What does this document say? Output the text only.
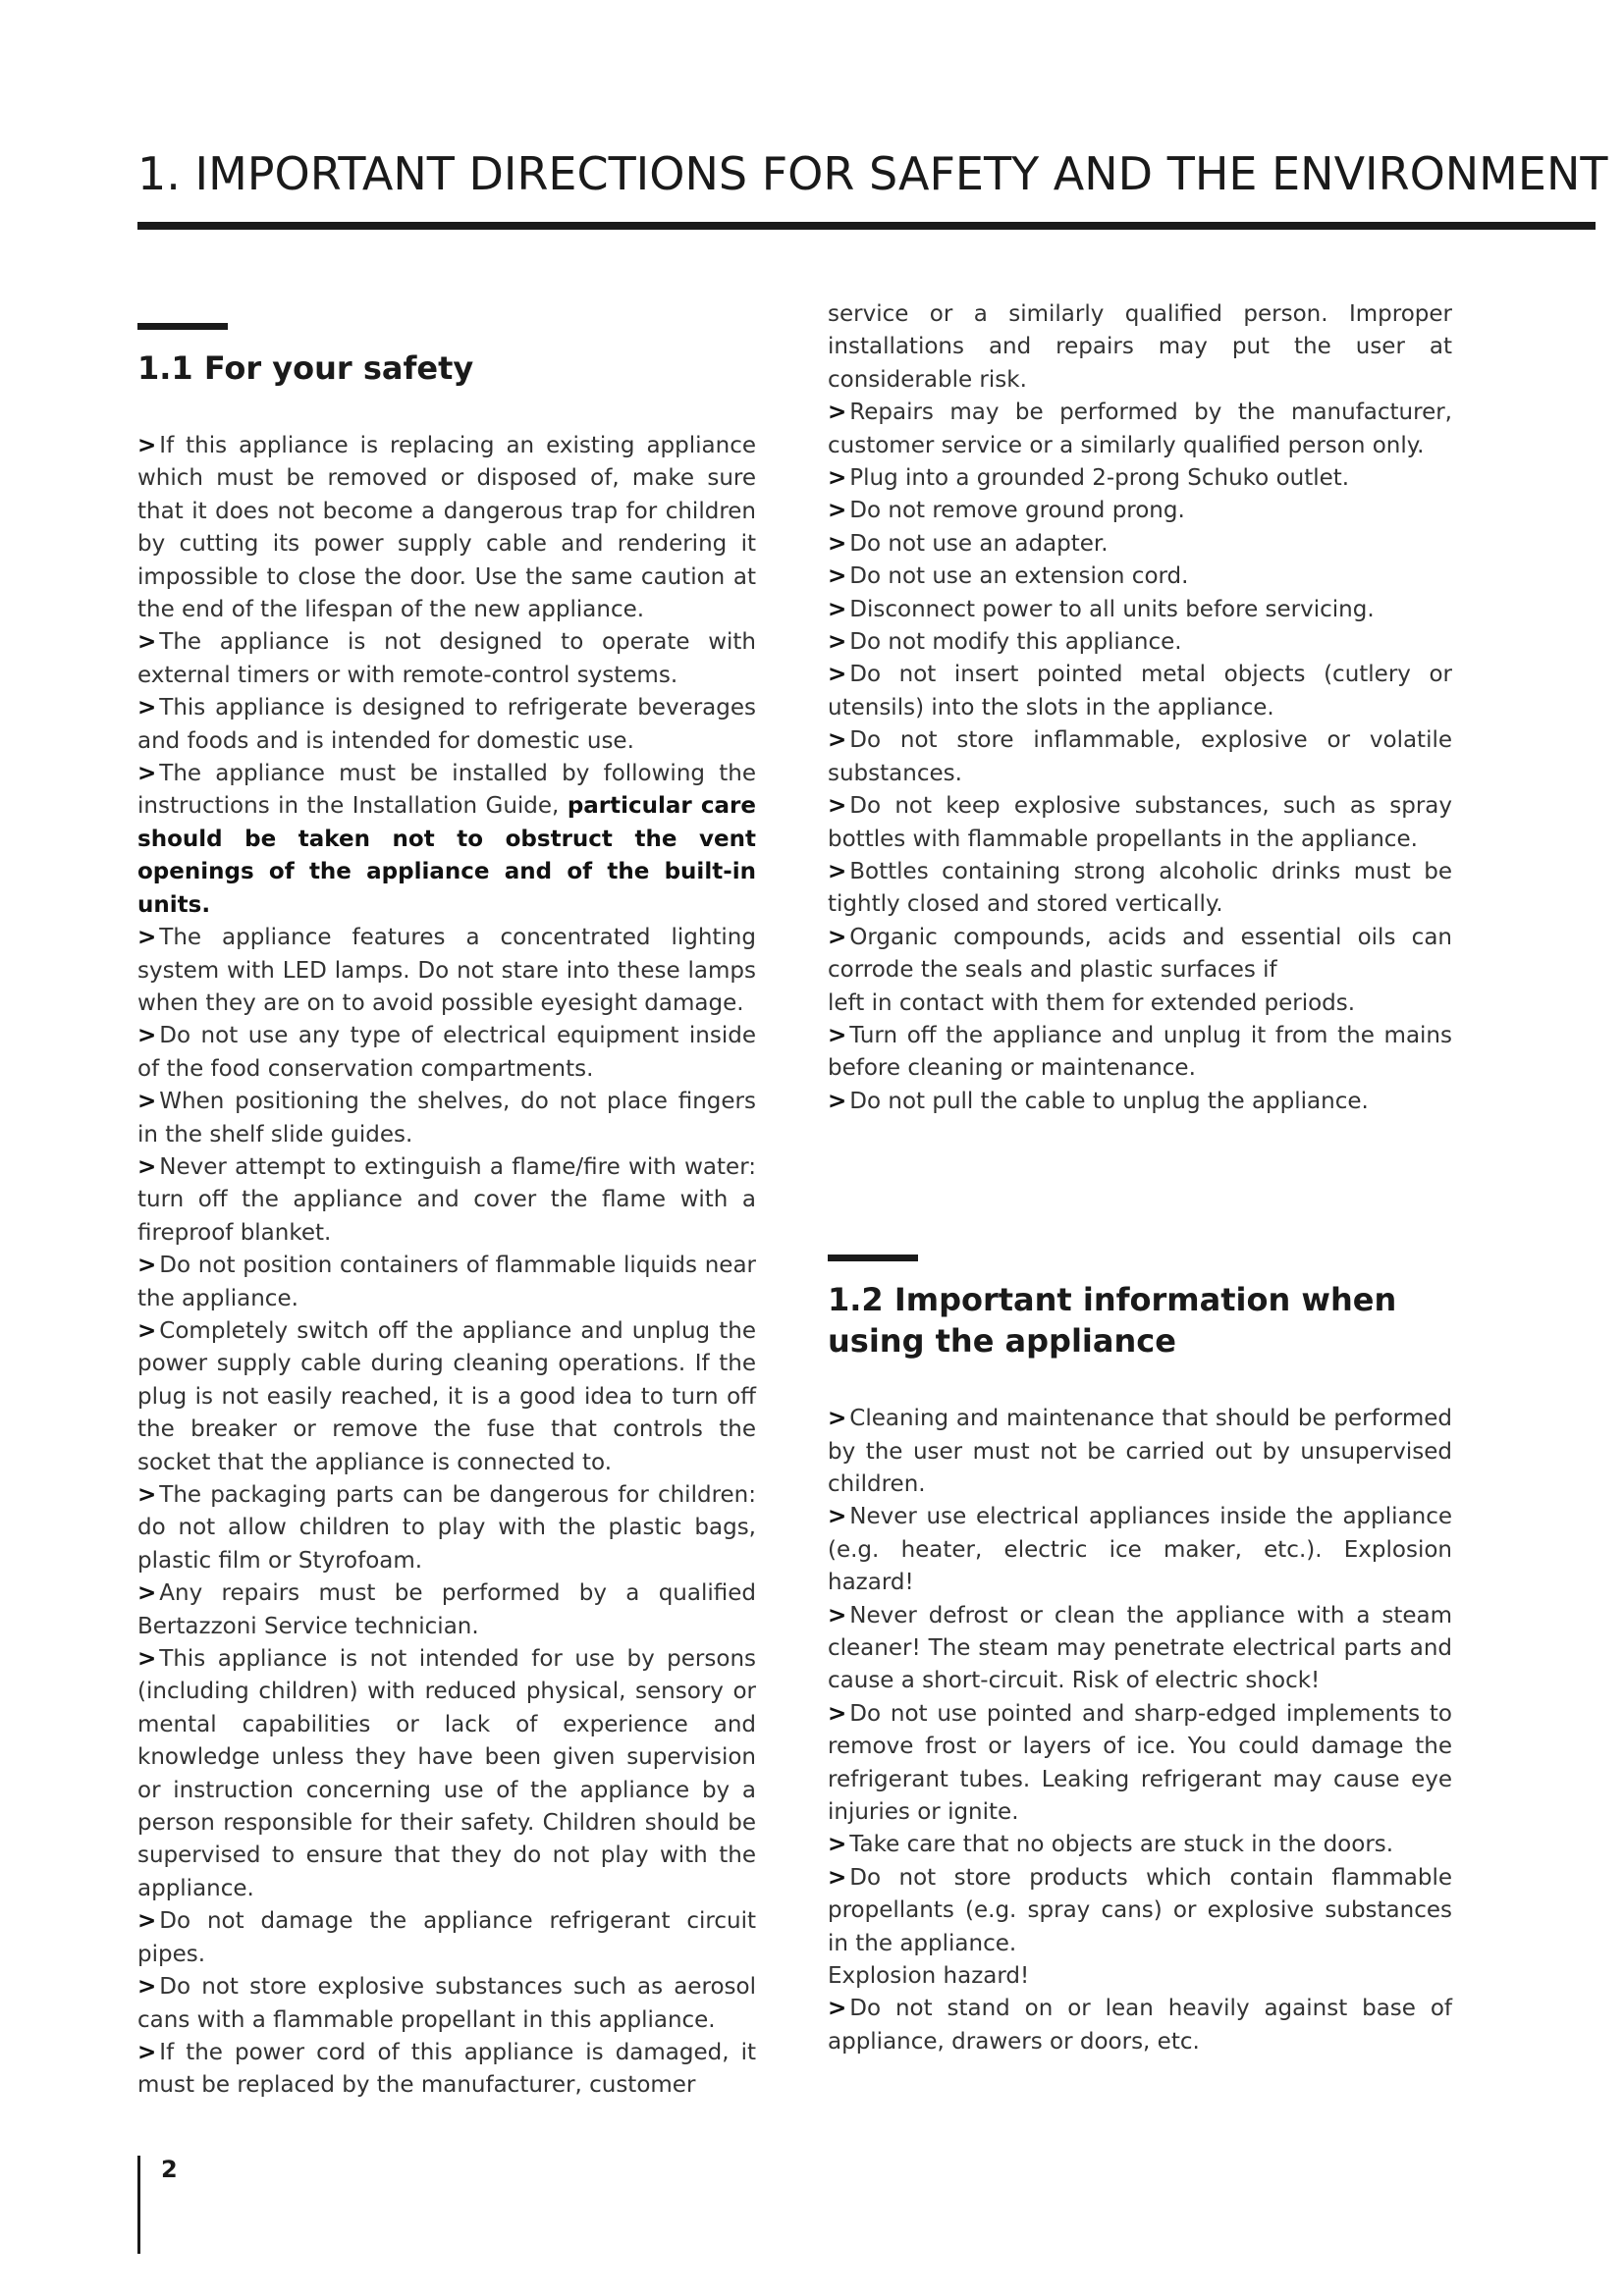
1. IMPORTANT DIRECTIONS FOR SAFETY AND THE ENVIRONMENT
1.1 For your safety

> If this appliance is replacing an existing appliance which must be removed or disposed of, make sure that it does not become a dangerous trap for children by cutting its power supply cable and rendering it impossible to close the door. Use the same caution at the end of the lifespan of the new appliance.

> The appliance is not designed to operate with external timers or with remote-control systems.

> This appliance is designed to refrigerate beverages and foods and is intended for domestic use.

> The appliance must be installed by following the instructions in the Installation Guide, particular care should be taken not to obstruct the vent openings of the appliance and of the built-in units.

> The appliance features a concentrated lighting system with LED lamps. Do not stare into these lamps when they are on to avoid possible eyesight damage.

> Do not use any type of electrical equipment inside of the food conservation compartments.

> When positioning the shelves, do not place fingers in the shelf slide guides.

> Never attempt to extinguish a flame/fire with water: turn off the appliance and cover the flame with a fireproof blanket.

> Do not position containers of flammable liquids near the appliance.

> Completely switch off the appliance and unplug the power supply cable during cleaning operations. If the plug is not easily reached, it is a good idea to turn off the breaker or remove the fuse that controls the socket that the appliance is connected to.

> The packaging parts can be dangerous for children: do not allow children to play with the plastic bags, plastic film or Styrofoam.

> Any repairs must be performed by a qualified Bertazzoni Service technician.

> This appliance is not intended for use by persons (including children) with reduced physical, sensory or mental capabilities or lack of experience and knowledge unless they have been given supervision or instruction concerning use of the appliance by a person responsible for their safety. Children should be supervised to ensure that they do not play with the appliance.

> Do not damage the appliance refrigerant circuit pipes.

> Do not store explosive substances such as aerosol cans with a flammable propellant in this appliance.

> If the power cord of this appliance is damaged, it must be replaced by the manufacturer, customer

service or a similarly qualified person. Improper installations and repairs may put the user at considerable risk.

> Repairs may be performed by the manufacturer, customer service or a similarly qualified person only.

> Plug into a grounded 2-prong Schuko outlet.

> Do not remove ground prong.

> Do not use an adapter.

> Do not use an extension cord.

> Disconnect power to all units before servicing.

> Do not modify this appliance.

> Do not insert pointed metal objects (cutlery or utensils) into the slots in the appliance.

> Do not store inflammable, explosive or volatile substances.

> Do not keep explosive substances, such as spray bottles with flammable propellants in the appliance.

> Bottles containing strong alcoholic drinks must be tightly closed and stored vertically.

> Organic compounds, acids and essential oils can corrode the seals and plastic surfaces if

left in contact with them for extended periods.

> Turn off the appliance and unplug it from the mains before cleaning or maintenance.

> Do not pull the cable to unplug the appliance.

1.2 Important information when using the appliance

> Cleaning and maintenance that should be performed by the user must not be carried out by unsupervised children.

> Never use electrical appliances inside the appliance (e.g. heater, electric ice maker, etc.). Explosion hazard!

> Never defrost or clean the appliance with a steam cleaner! The steam may penetrate electrical parts and cause a short-circuit. Risk of electric shock!

> Do not use pointed and sharp-edged implements to remove frost or layers of ice. You could damage the refrigerant tubes. Leaking refrigerant may cause eye injuries or ignite.

> Take care that no objects are stuck in the doors.

> Do not store products which contain flammable propellants (e.g. spray cans) or explosive substances in the appliance.

Explosion hazard!

> Do not stand on or lean heavily against base of appliance, drawers or doors, etc.

2
